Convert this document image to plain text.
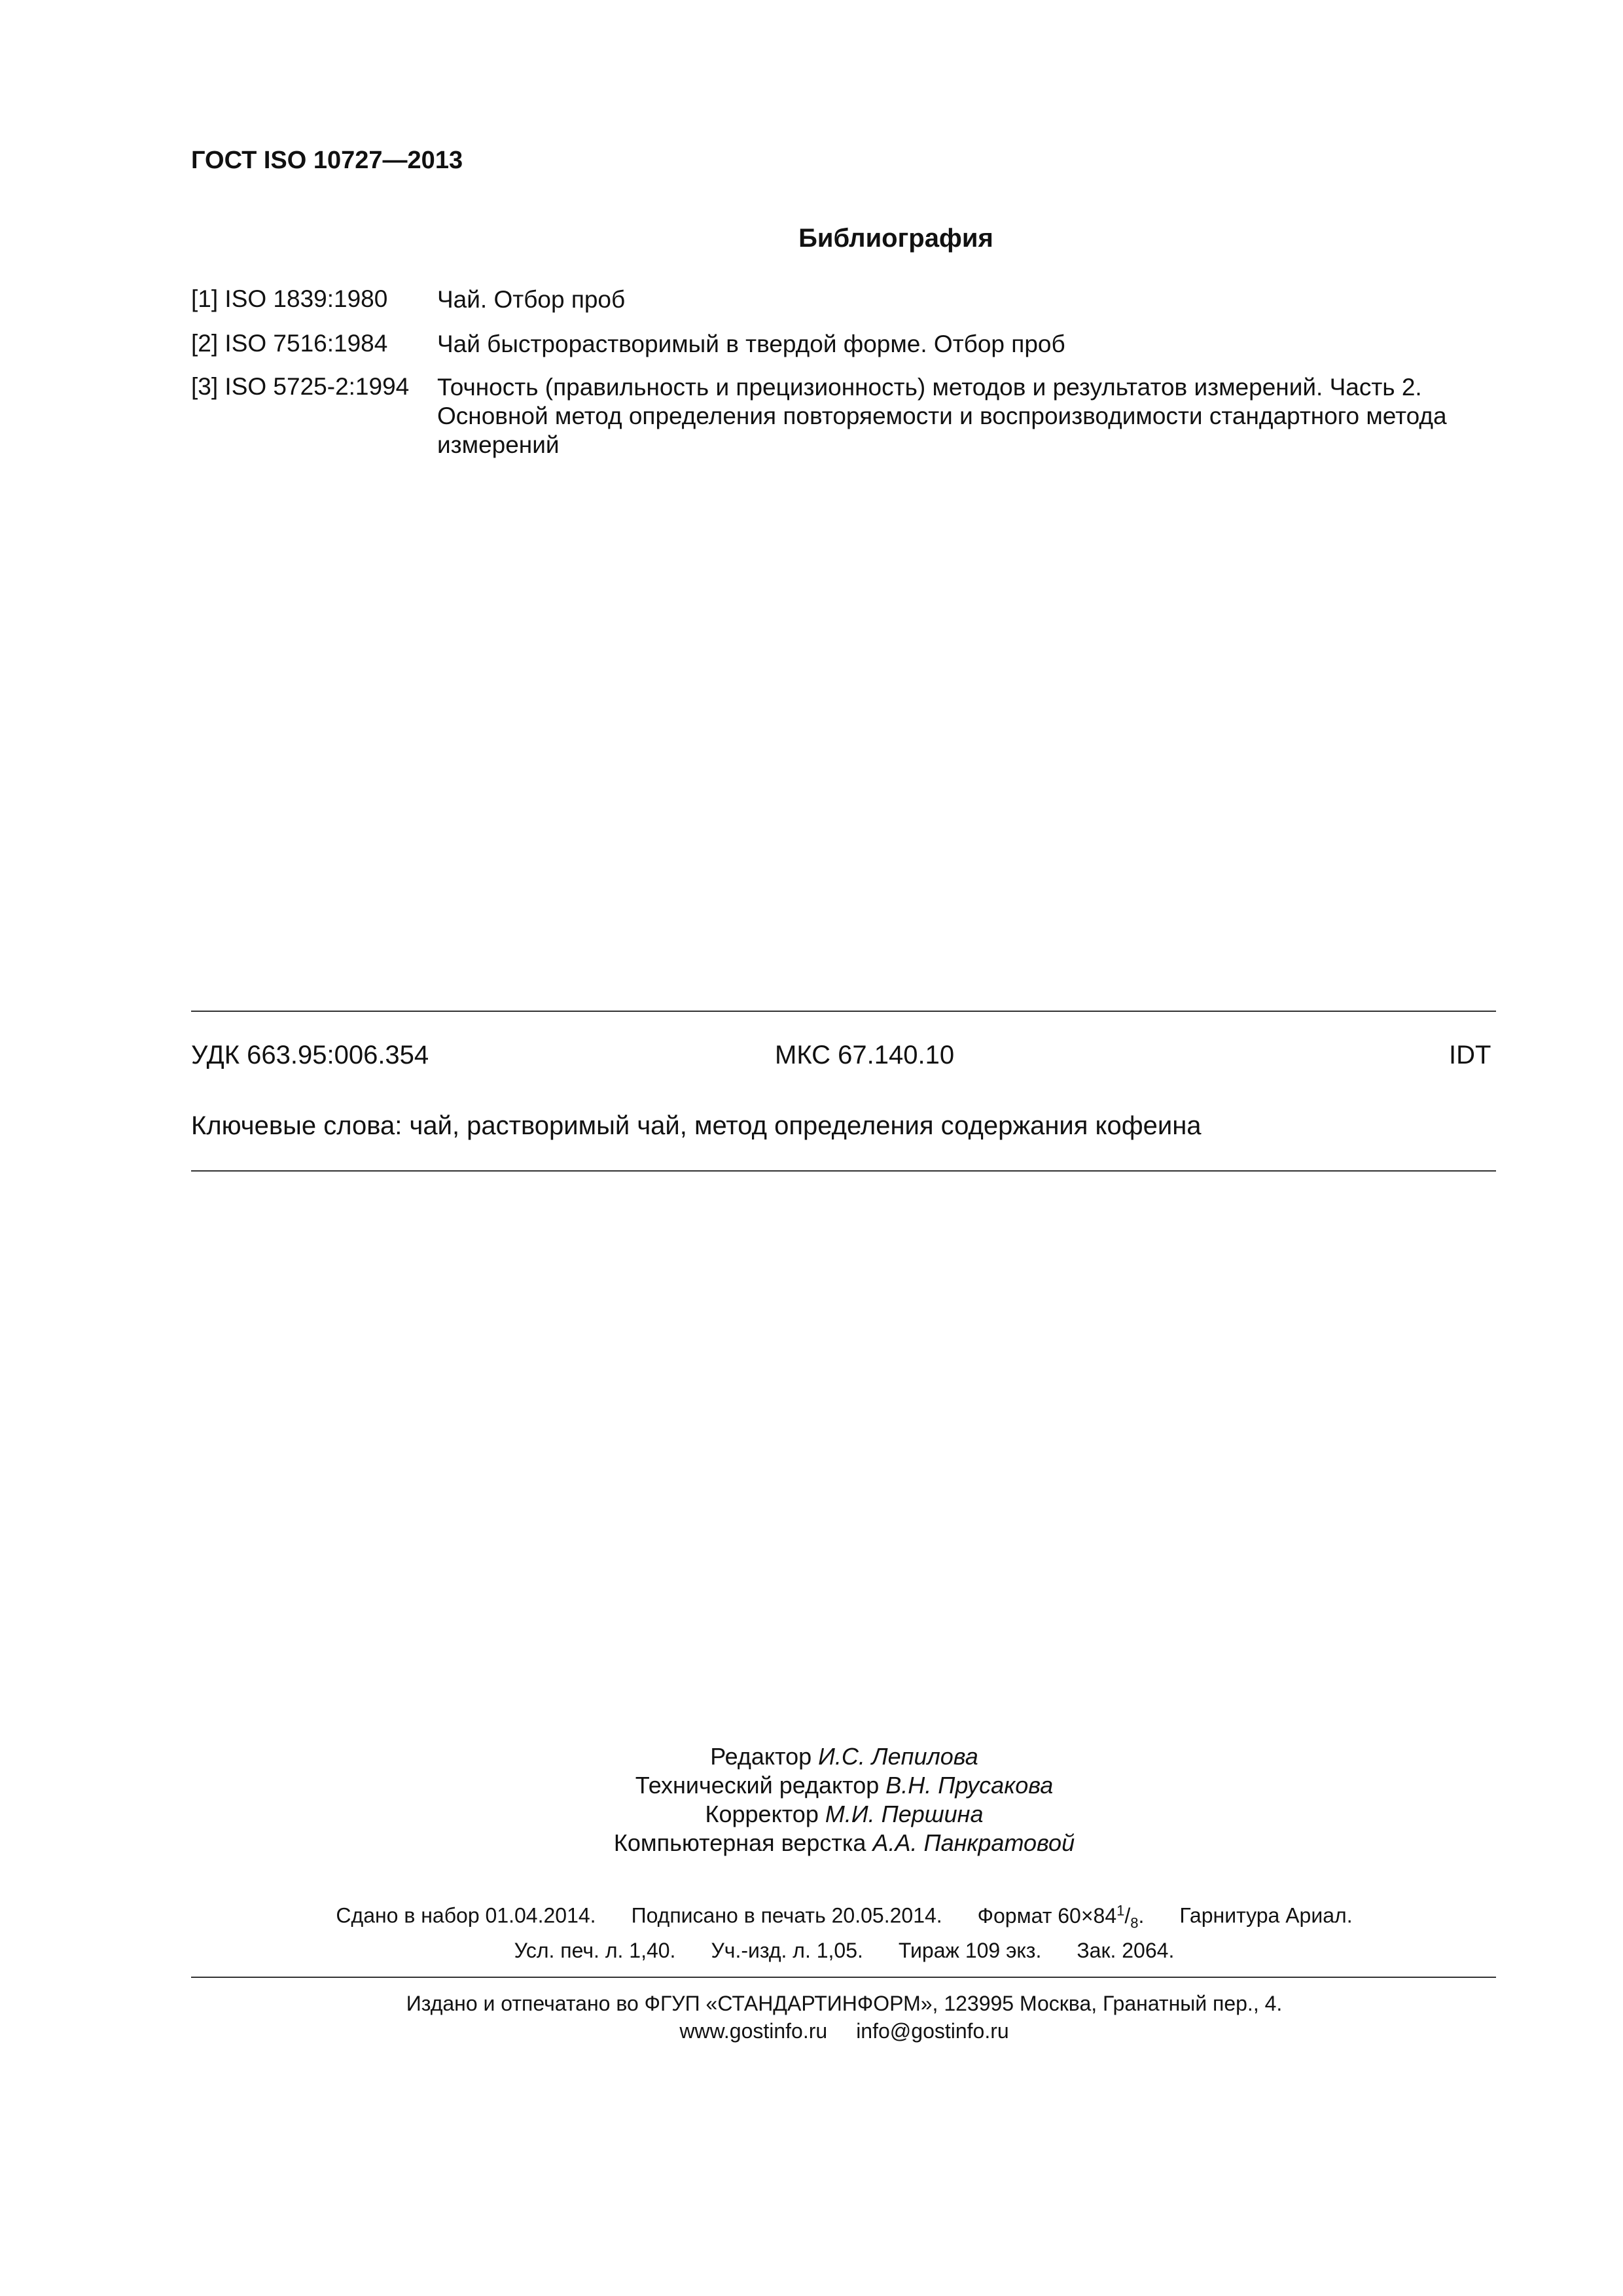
ГОСТ ISO 10727—2013
Библиография
[1] ISO 1839:1980 Чай. Отбор проб
[2] ISO 7516:1984 Чай быстрорастворимый в твердой форме. Отбор проб
[3] ISO 5725-2:1994 Точность (правильность и прецизионность) методов и результатов измерений. Часть 2. Основной метод определения повторяемости и воспроизводимости стандартного метода измерений
УДК 663.95:006.354	МКС 67.140.10	IDT
Ключевые слова: чай, растворимый чай, метод определения содержания кофеина
Редактор И.С. Лепилова
Технический редактор В.Н. Прусакова
Корректор М.И. Першина
Компьютерная верстка А.А. Панкратовой
Сдано в набор 01.04.2014. Подписано в печать 20.05.2014. Формат $60\times 84^1/_8$. Гарнитура Ариал.
Усл. печ. л. 1,40. Уч.-изд. л. 1,05. Тираж 109 экз. Зак. 2064.
Издано и отпечатано во ФГУП «СТАНДАРТИНФОРМ», 123995 Москва, Гранатный пер., 4.
www.gostinfo.ru info@gostinfo.ru
